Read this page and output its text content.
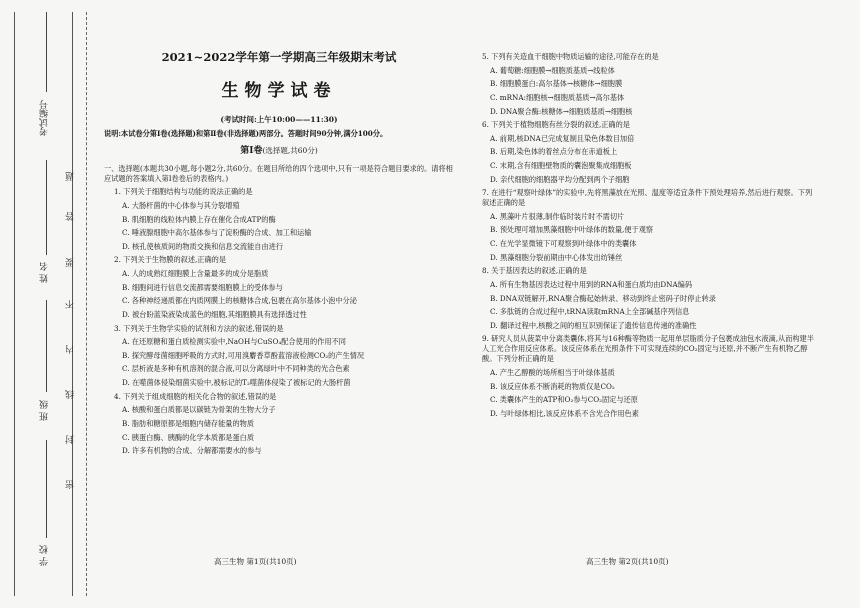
考试编号
姓 名
班 级
学 校
题
答
要
不
内
线
封
密

2021~2022学年第一学期高三年级期末考试

生物学试卷

(考试时间:上午10:00——11:30)

说明:本试卷分第Ⅰ卷(选择题)和第Ⅱ卷(非选择题)两部分。答题时间90分钟,满分100分。

第Ⅰ卷(选择题,共60分)

一、选择题(本题共30小题,每小题2分,共60分。在题目所给的四个选项中,只有一项是符合题目要求的。请将相应试题的答案填入第Ⅰ卷卷后的表格内。)

1. 下列关于细胞结构与功能的说法正确的是

A. 大肠杆菌的中心体参与其分裂增殖

B. 肌细胞的线粒体内膜上存在催化合成ATP的酶

C. 唾液腺细胞中高尔基体参与了淀粉酶的合成、加工和运输

D. 核孔使核质间的物质交换和信息交流能自由进行

2. 下列关于生物膜的叙述,正确的是

A. 人的成熟红细胞膜上含量最多的成分是脂质

B. 细胞间进行信息交流都需要细胞膜上的受体参与

C. 各种神经递质都在内质网膜上的核糖体合成,包裹在高尔基体小泡中分泌

D. 被台盼蓝染液染成蓝色的细胞,其细胞膜具有选择透过性

3. 下列关于生物学实验的试剂和方法的叙述,错误的是

A. 在还原糖和蛋白质检测实验中,NaOH与CuSO₄配合使用的作用不同

B. 探究酵母菌细胞呼吸的方式时,可用溴麝香草酚蓝溶液检测CO₂的产生情况

C. 层析液是多种有机溶剂的混合液,可以分离绿叶中不同种类的光合色素

D. 在噬菌体侵染细菌实验中,被标记的T₂噬菌体侵染了被标记的大肠杆菌

4. 下列关于组成细胞的相关化合物的叙述,错误的是

A. 核酸和蛋白质都是以碳链为骨架的生物大分子

B. 脂肪和糖原都是细胞内储存能量的物质

C. 胰蛋白酶、胰酶的化学本质都是蛋白质

D. 许多有机物的合成、分解都需要水的参与

5. 下列有关造血干细胞中物质运输的途径,可能存在的是

A. 葡萄糖:细胞膜→细胞质基质→线粒体

B. 细胞膜蛋白:高尔基体→核糖体→细胞膜

C. mRNA:细胞核→细胞质基质→高尔基体

D. DNA聚合酶:核糖体→细胞质基质→细胞核

6. 下列关于植物细胞有丝分裂的叙述,正确的是

A. 前期,核DNA已完成复制且染色体数目加倍

B. 后期,染色体的着丝点分布在赤道板上

C. 末期,含有细胞壁物质的囊泡聚集成细胞板

D. 亲代细胞的细胞器平均分配到两个子细胞

7. 在进行“观察叶绿体”的实验中,先将黑藻放在光照、温度等适宜条件下预处理培养,然后进行观察。下列叙述正确的是

A. 黑藻叶片很薄,制作临时装片时不需切片

B. 预处理可增加黑藻细胞中叶绿体的数量,便于观察

C. 在光学显微镜下可观察到叶绿体中的类囊体

D. 黑藻细胞分裂前期由中心体发出纺锤丝

8. 关于基因表达的叙述,正确的是

A. 所有生物基因表达过程中用到的RNA和蛋白质均由DNA编码

B. DNA双链解开,RNA聚合酶起始转录、移动到终止密码子时停止转录

C. 多肽链的合成过程中,tRNA读取mRNA上全部碱基序列信息

D. 翻译过程中,核酸之间的相互识别保证了遗传信息传递的准确性

9. 研究人员从菠菜中分离类囊体,将其与16种酶等物质一起用单层脂质分子包裹成油包水液滴,从而构建半人工光合作用反应体系。该反应体系在光照条件下可实现连续的CO₂固定与还原,并不断产生有机物乙醇酸。下列分析正确的是

A. 产生乙醇酸的场所相当于叶绿体基质

B. 该反应体系不断消耗的物质仅是CO₂

C. 类囊体产生的ATP和O₂参与CO₂固定与还原

D. 与叶绿体相比,该反应体系不含光合作用色素

高三生物 第1页(共10页)	高三生物 第2页(共10页)
